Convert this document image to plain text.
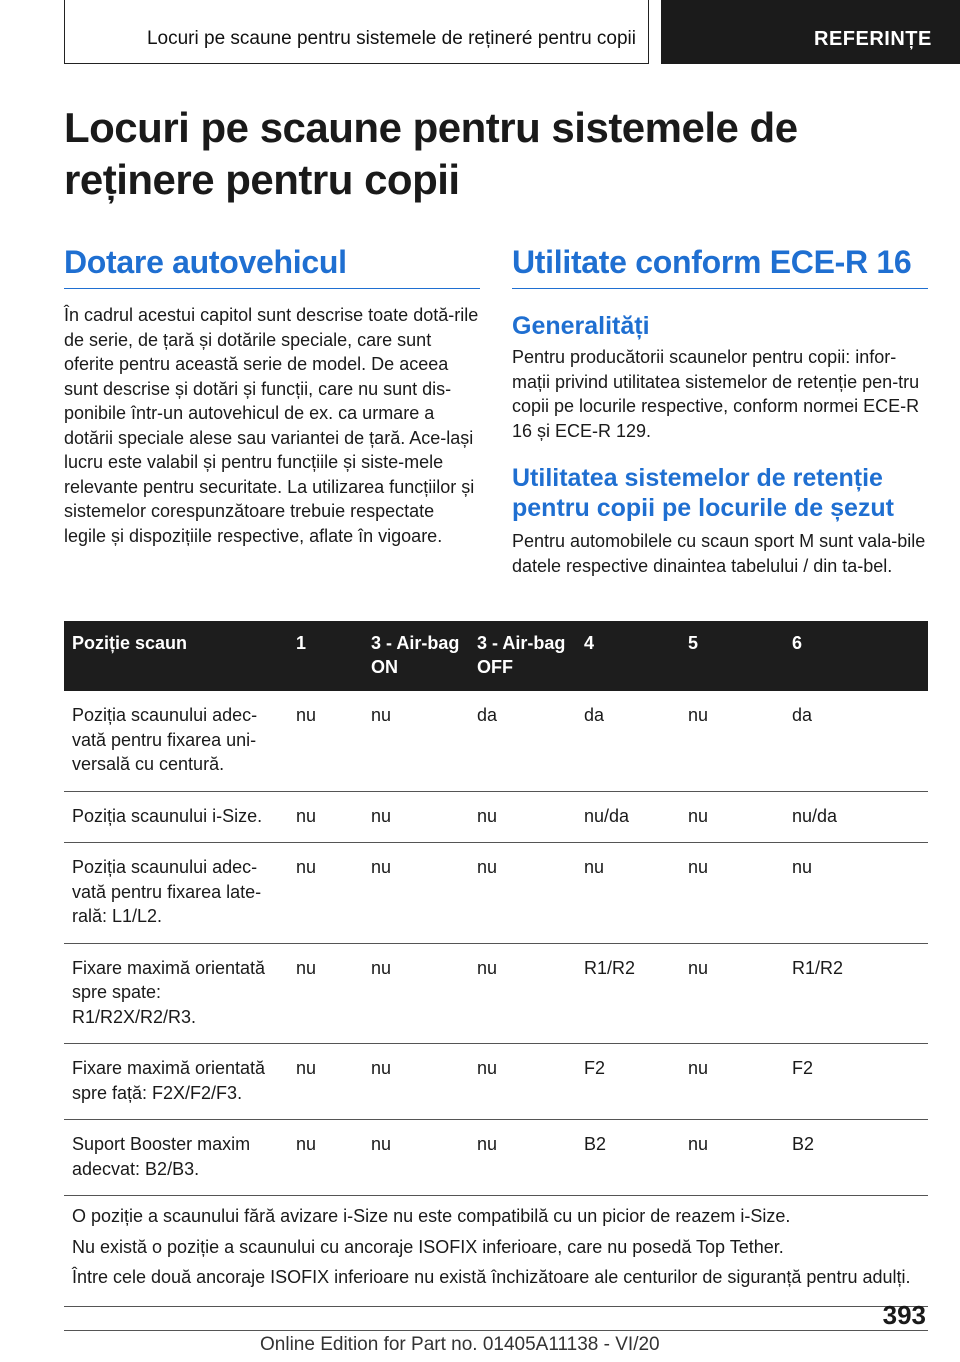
Locuri pe scaune pentru sistemele de rețineré pentru copii	REFERINȚE
Locuri pe scaune pentru sistemele de
reținere pentru copii
Dotare autovehicul

În cadrul acestui capitol sunt descrise toate dotă-rile de serie, de țară și dotările speciale, care sunt oferite pentru această serie de model. De aceea sunt descrise și dotări și funcții, care nu sunt dis-ponibile într-un autovehicul de ex. ca urmare a dotării speciale alese sau variantei de țară. Ace-lași lucru este valabil și pentru funcțiile și siste-mele relevante pentru securitate. La utilizarea funcțiilor și sistemelor corespunzătoare trebuie respectate legile și dispozițiile respective, aflate în vigoare.

Utilitate conform ECE-R 16

Generalități

Pentru producătorii scaunelor pentru copii: infor-mații privind utilitatea sistemelor de retenție pen-tru copii pe locurile respective, conform normei ECE-R 16 și ECE-R 129.

Utilitatea sistemelor de retenție pentru copii pe locurile de șezut

Pentru automobilele cu scaun sport M sunt vala-bile datele respective dinaintea tabelului / din ta-bel.

Poziție scaun	1	3 - Air-bag ON	3 - Air-bag OFF	4	5	6
Poziția scaunului adec-vată pentru fixarea uni-versală cu centură.	nu	nu	da	da	nu	da
Poziția scaunului i-Size.	nu	nu	nu	nu/da	nu	nu/da
Poziția scaunului adec-vată pentru fixarea late-rală: L1/L2.	nu	nu	nu	nu	nu	nu
Fixare maximă orientată spre spate: R1/R2X/R2/R3.	nu	nu	nu	R1/R2	nu	R1/R2
Fixare maximă orientată spre față: F2X/F2/F3.	nu	nu	nu	F2	nu	F2
Suport Booster maxim adecvat: B2/B3.	nu	nu	nu	B2	nu	B2

O poziție a scaunului fără avizare i-Size nu este compatibilă cu un picior de reazem i-Size.

Nu există o poziție a scaunului cu ancoraje ISOFIX inferioare, care nu posedă Top Tether.

Între cele două ancoraje ISOFIX inferioare nu există închizătoare ale centurilor de siguranță pentru adulți.

393
Online Edition for Part no. 01405A11138 - VI/20
